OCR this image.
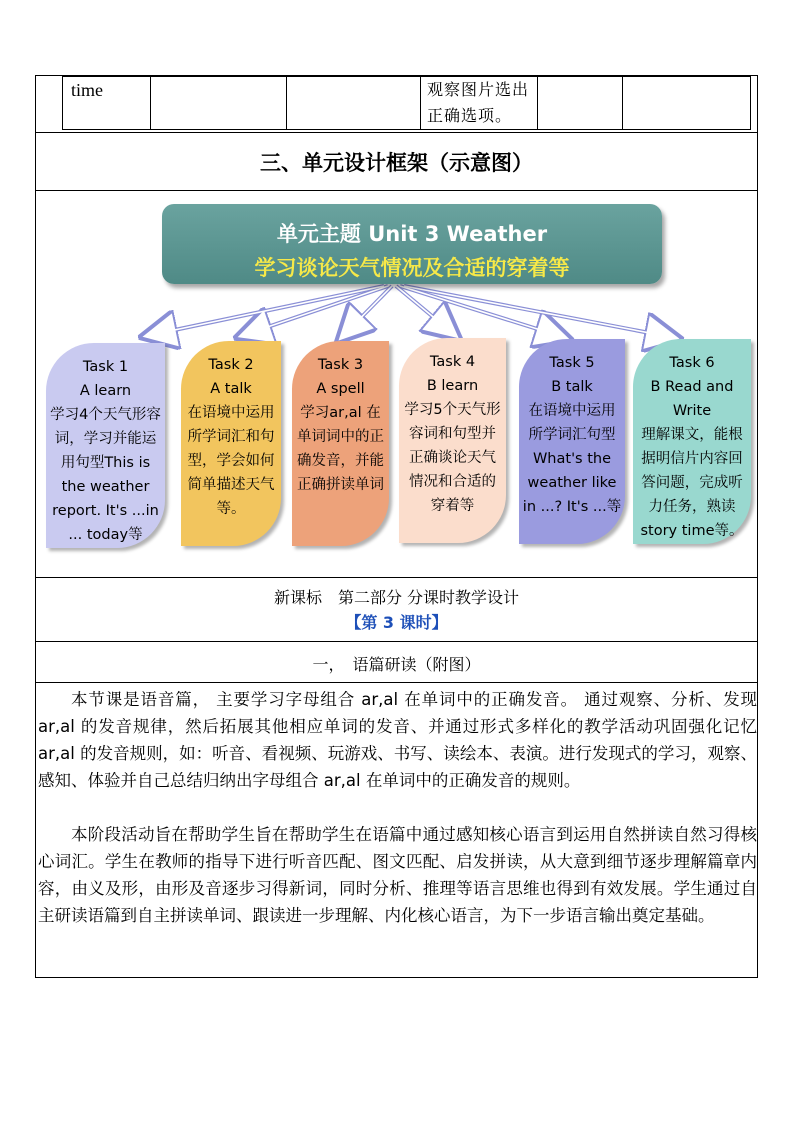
time			观察图片选出正确选项。		
三、单元设计框架（示意图）
单元主题 Unit 3 Weather
学习谈论天气情况及合适的穿着等
Task 1
A learn
学习4个天气形容词，学习并能运用句型This is the weather report. It's ...in ... today等
Task 2
A talk
在语境中运用所学词汇和句型，学会如何简单描述天气等。
Task 3
A spell
学习ar,al 在单词词中的正确发音，并能正确拼读单词
Task 4
B learn
学习5个天气形容词和句型并正确谈论天气情况和合适的穿着等
Task 5
B talk
在语境中运用所学词汇句型What's the weather like in ...? It's ...等
Task 6
B Read and Write
理解课文，能根据明信片内容回答问题，完成听力任务，熟读story time等。
新课标　第二部分 分课时教学设计
【第 3 课时】
一，　语篇研读（附图）

本节课是语音篇， 主要学习字母组合 ar,al 在单词中的正确发音。 通过观察、分析、发现 ar,al 的发音规律，然后拓展其他相应单词的发音、并通过形式多样化的教学活动巩固强化记忆 ar,al 的发音规则，如：听音、看视频、玩游戏、书写、读绘本、表演。进行发现式的学习，观察、感知、体验并自己总结归纳出字母组合 ar,al 在单词中的正确发音的规则。

本阶段活动旨在帮助学生旨在帮助学生在语篇中通过感知核心语言到运用自然拼读自然习得核心词汇。学生在教师的指导下进行听音匹配、图文匹配、启发拼读，从大意到细节逐步理解篇章内容，由义及形，由形及音逐步习得新词，同时分析、推理等语言思维也得到有效发展。学生通过自主研读语篇到自主拼读单词、跟读进一步理解、内化核心语言，为下一步语言输出奠定基础。
